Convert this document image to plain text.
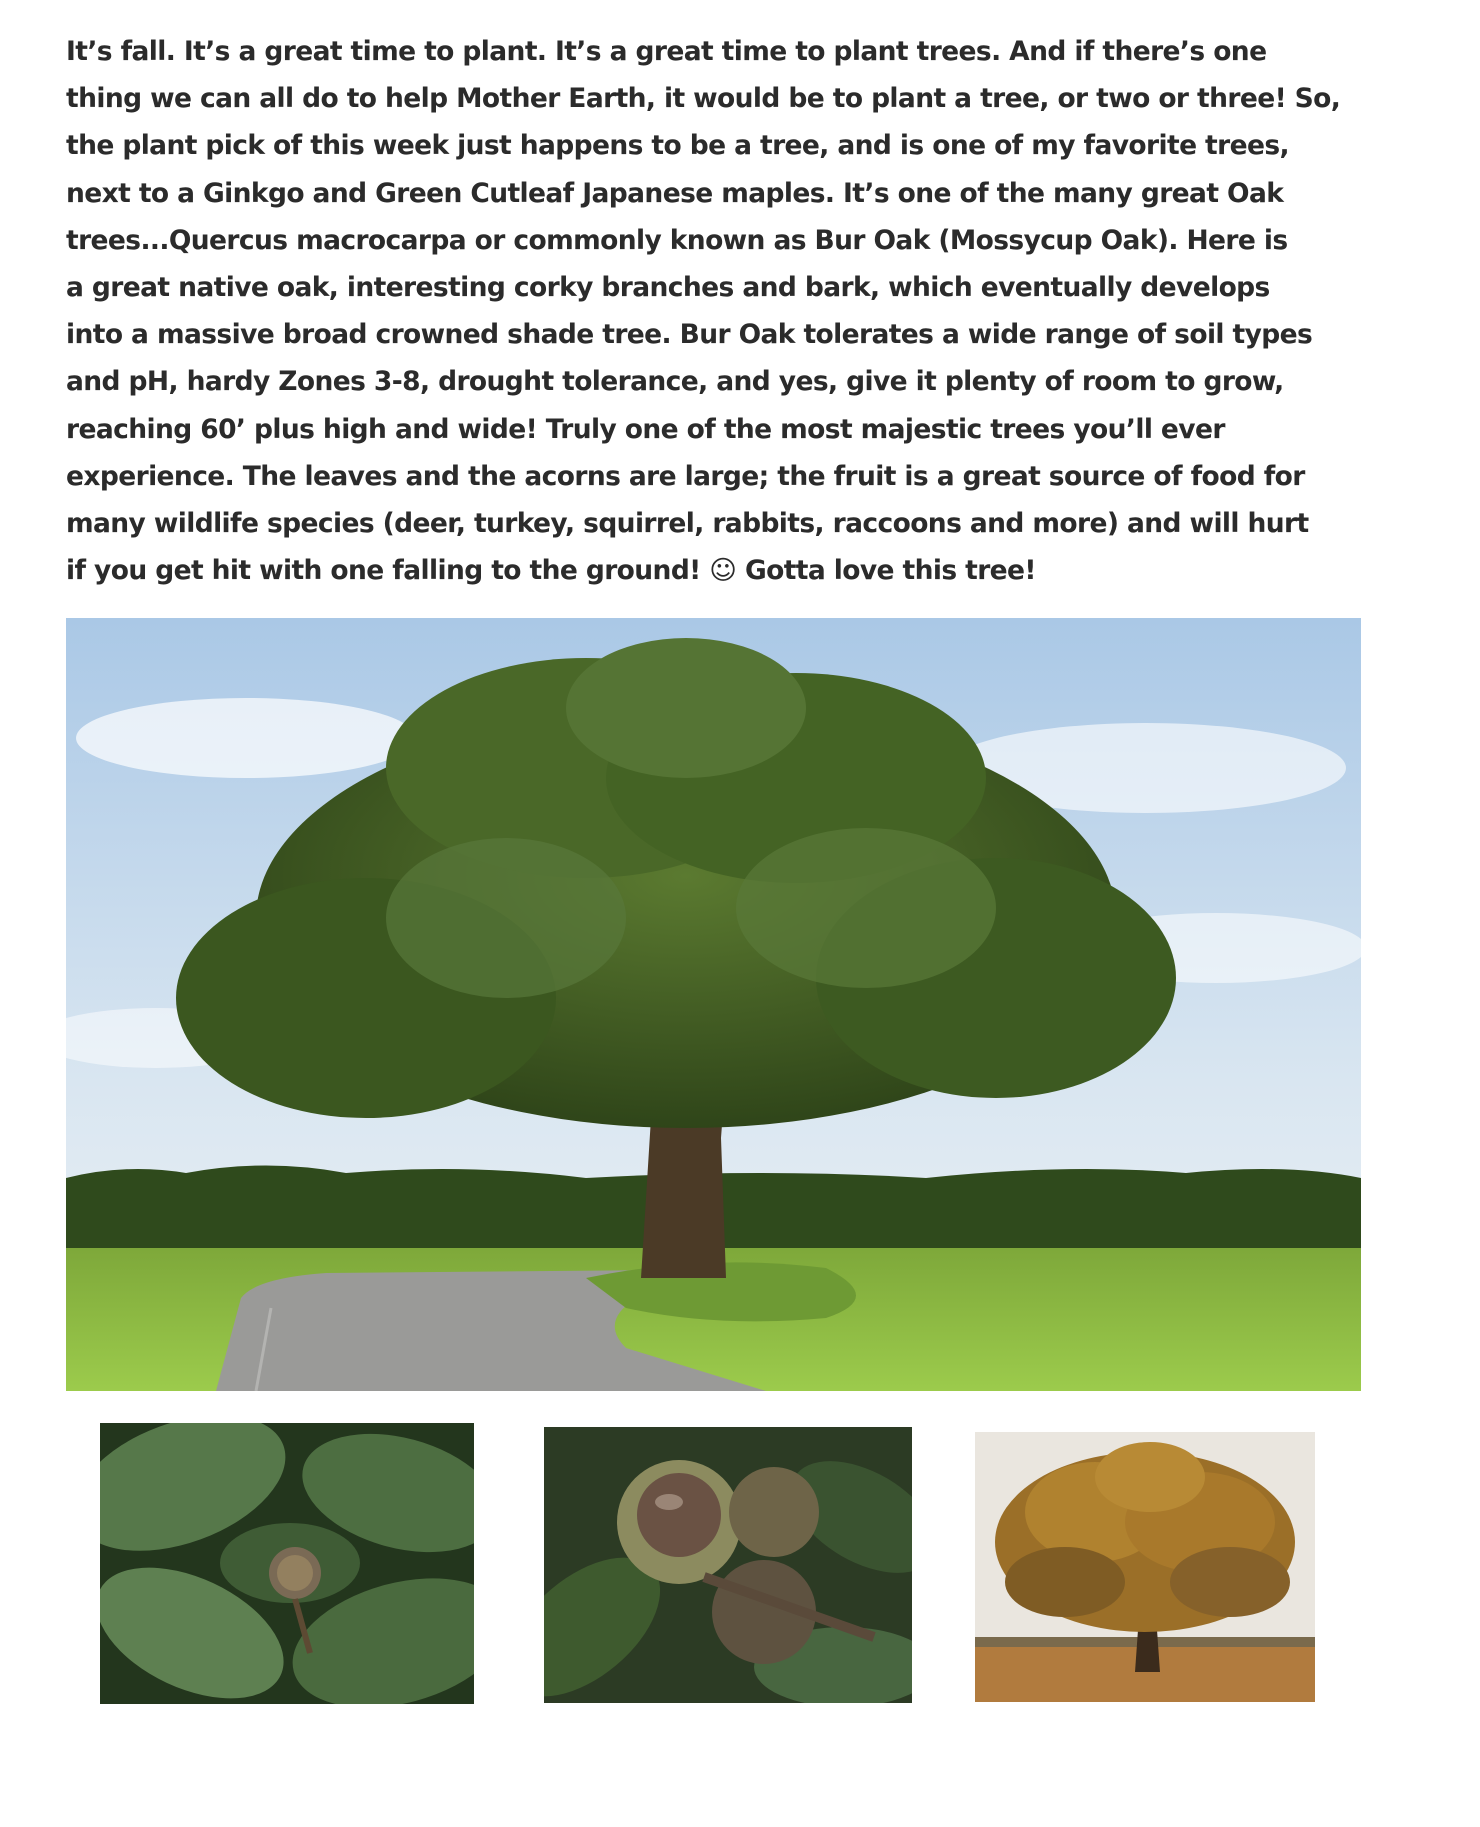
It’s fall. It’s a great time to plant. It’s a great time to plant trees. And if there’s one
thing we can all do to help Mother Earth, it would be to plant a tree, or two or three! So,
the plant pick of this week just happens to be a tree, and is one of my favorite trees,
next to a Ginkgo and Green Cutleaf Japanese maples. It’s one of the many great Oak
trees...Quercus macrocarpa or commonly known as Bur Oak (Mossycup Oak). Here is
a great native oak, interesting corky branches and bark, which eventually develops
into a massive broad crowned shade tree. Bur Oak tolerates a wide range of soil types
and pH, hardy Zones 3-8, drought tolerance, and yes, give it plenty of room to grow,
reaching 60’ plus high and wide! Truly one of the most majestic trees you’ll ever
experience. The leaves and the acorns are large; the fruit is a great source of food for
many wildlife species (deer, turkey, squirrel, rabbits, raccoons and more) and will hurt
if you get hit with one falling to the ground! ☺ Gotta love this tree!
